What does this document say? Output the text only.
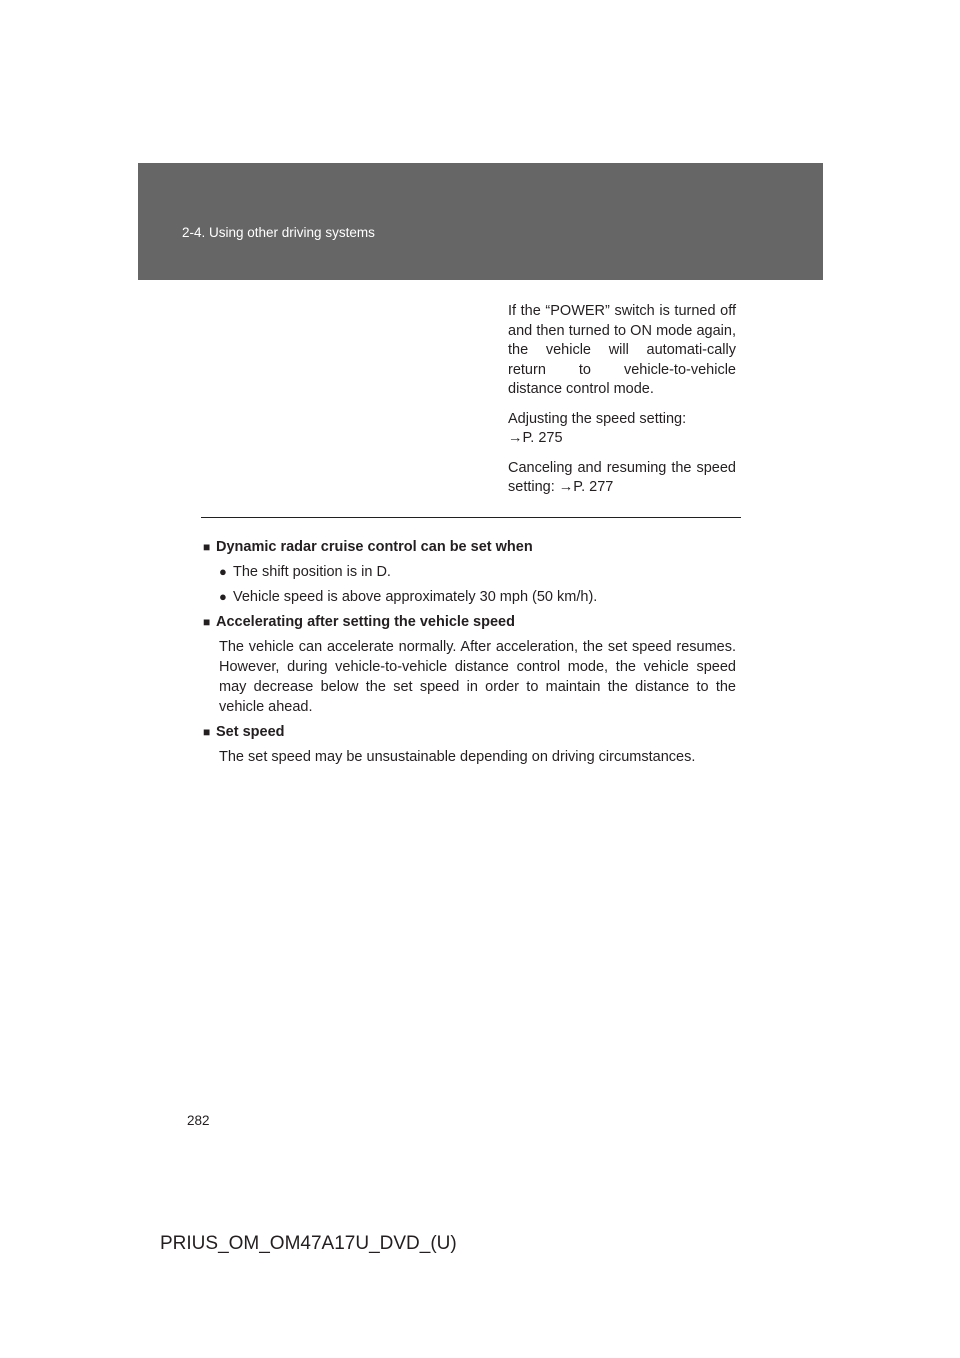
2-4. Using other driving systems

If the “POWER” switch is turned off and then turned to ON mode again, the vehicle will automati-cally return to vehicle-to-vehicle distance control mode.

Adjusting the speed setting:
→P. 275

Canceling and resuming the speed setting: →P. 277

■ Dynamic radar cruise control can be set when
● The shift position is in D.
● Vehicle speed is above approximately 30 mph (50 km/h).
■ Accelerating after setting the vehicle speed
The vehicle can accelerate normally. After acceleration, the set speed resumes. However, during vehicle-to-vehicle distance control mode, the vehicle speed may decrease below the set speed in order to maintain the distance to the vehicle ahead.
■ Set speed
The set speed may be unsustainable depending on driving circumstances.
282
PRIUS_OM_OM47A17U_DVD_(U)
